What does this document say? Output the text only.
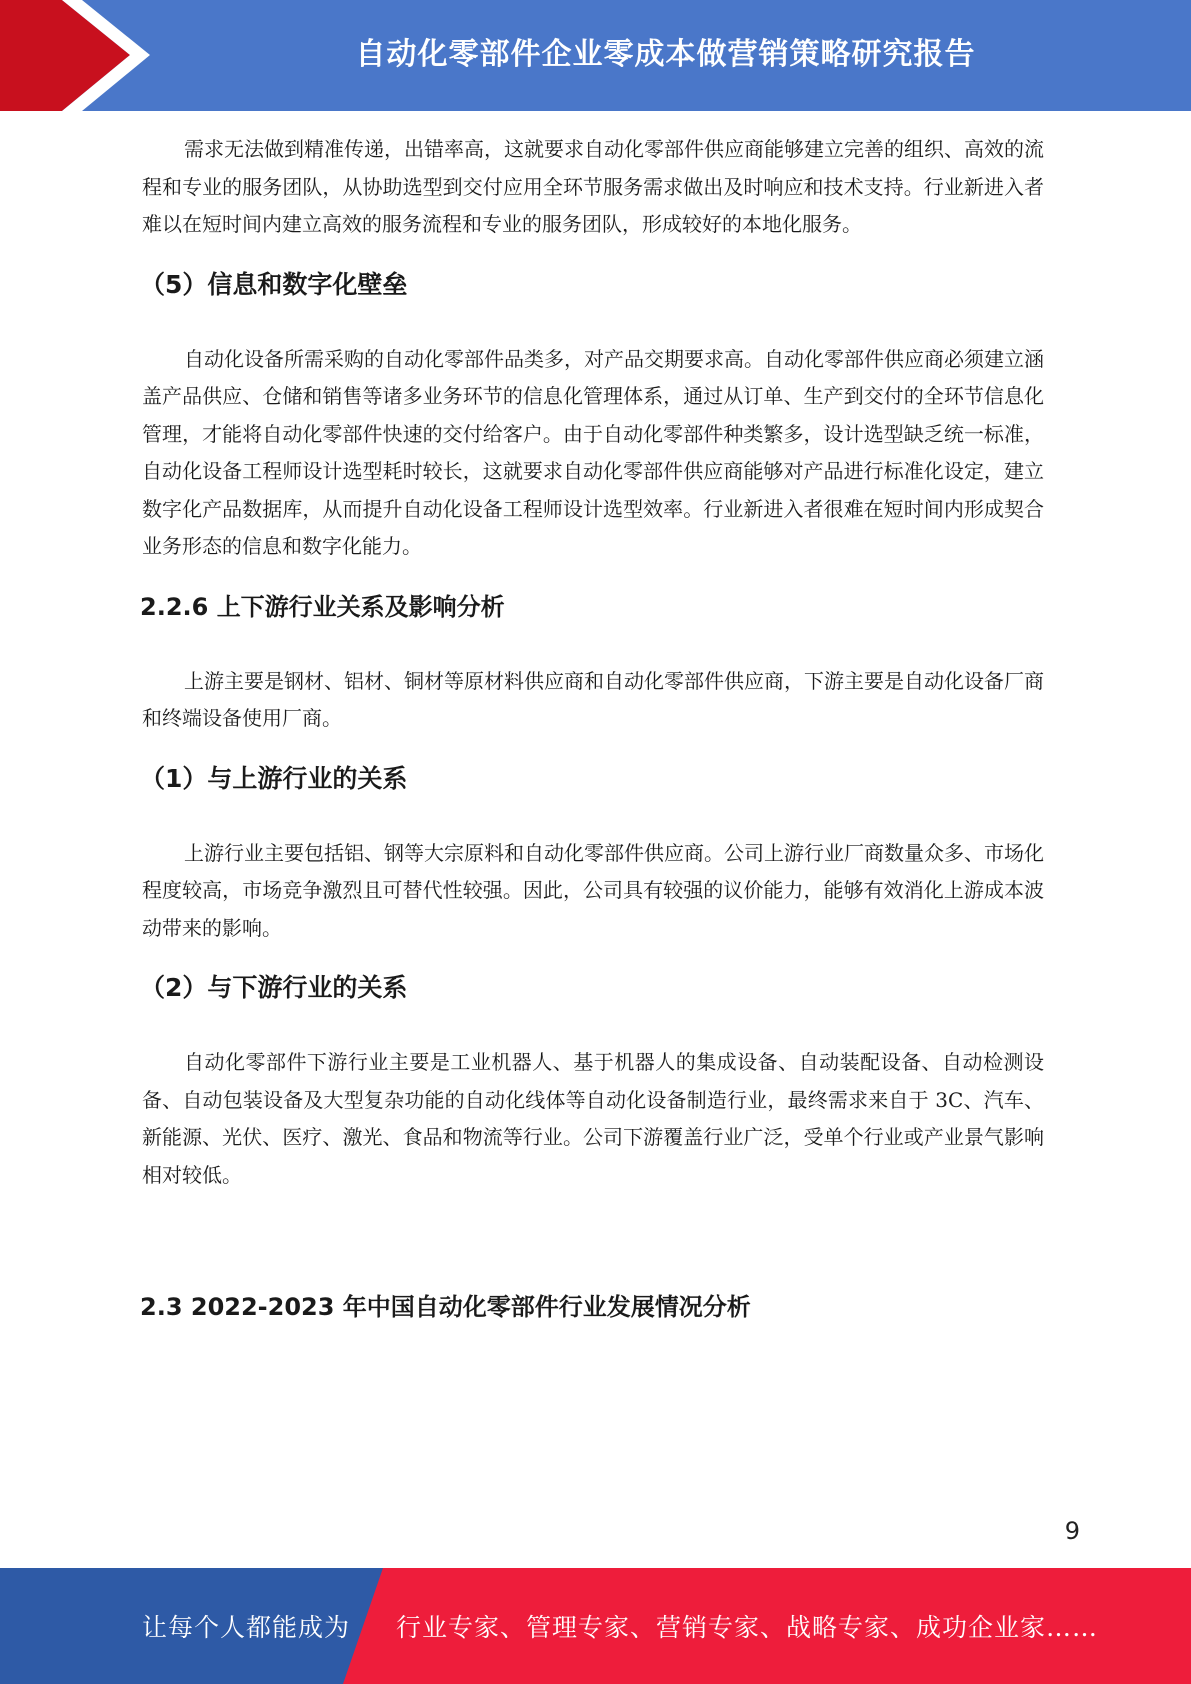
自动化零部件企业零成本做营销策略研究报告

需求无法做到精准传递，出错率高，这就要求自动化零部件供应商能够建立完善的组织、高效的流程和专业的服务团队，从协助选型到交付应用全环节服务需求做出及时响应和技术支持。行业新进入者难以在短时间内建立高效的服务流程和专业的服务团队，形成较好的本地化服务。

（5）信息和数字化壁垒

自动化设备所需采购的自动化零部件品类多，对产品交期要求高。自动化零部件供应商必须建立涵盖产品供应、仓储和销售等诸多业务环节的信息化管理体系，通过从订单、生产到交付的全环节信息化管理，才能将自动化零部件快速的交付给客户。由于自动化零部件种类繁多，设计选型缺乏统一标准，自动化设备工程师设计选型耗时较长，这就要求自动化零部件供应商能够对产品进行标准化设定，建立数字化产品数据库，从而提升自动化设备工程师设计选型效率。行业新进入者很难在短时间内形成契合业务形态的信息和数字化能力。

2.2.6 上下游行业关系及影响分析

上游主要是钢材、铝材、铜材等原材料供应商和自动化零部件供应商，下游主要是自动化设备厂商和终端设备使用厂商。

（1）与上游行业的关系

上游行业主要包括铝、钢等大宗原料和自动化零部件供应商。公司上游行业厂商数量众多、市场化程度较高，市场竞争激烈且可替代性较强。因此，公司具有较强的议价能力，能够有效消化上游成本波动带来的影响。

（2）与下游行业的关系

自动化零部件下游行业主要是工业机器人、基于机器人的集成设备、自动装配设备、自动检测设备、自动包装设备及大型复杂功能的自动化线体等自动化设备制造行业，最终需求来自于 3C、汽车、新能源、光伏、医疗、激光、食品和物流等行业。公司下游覆盖行业广泛，受单个行业或产业景气影响相对较低。

2.3 2022-2023 年中国自动化零部件行业发展情况分析
9
让每个人都能成为 行业专家、管理专家、营销专家、战略专家、成功企业家……
